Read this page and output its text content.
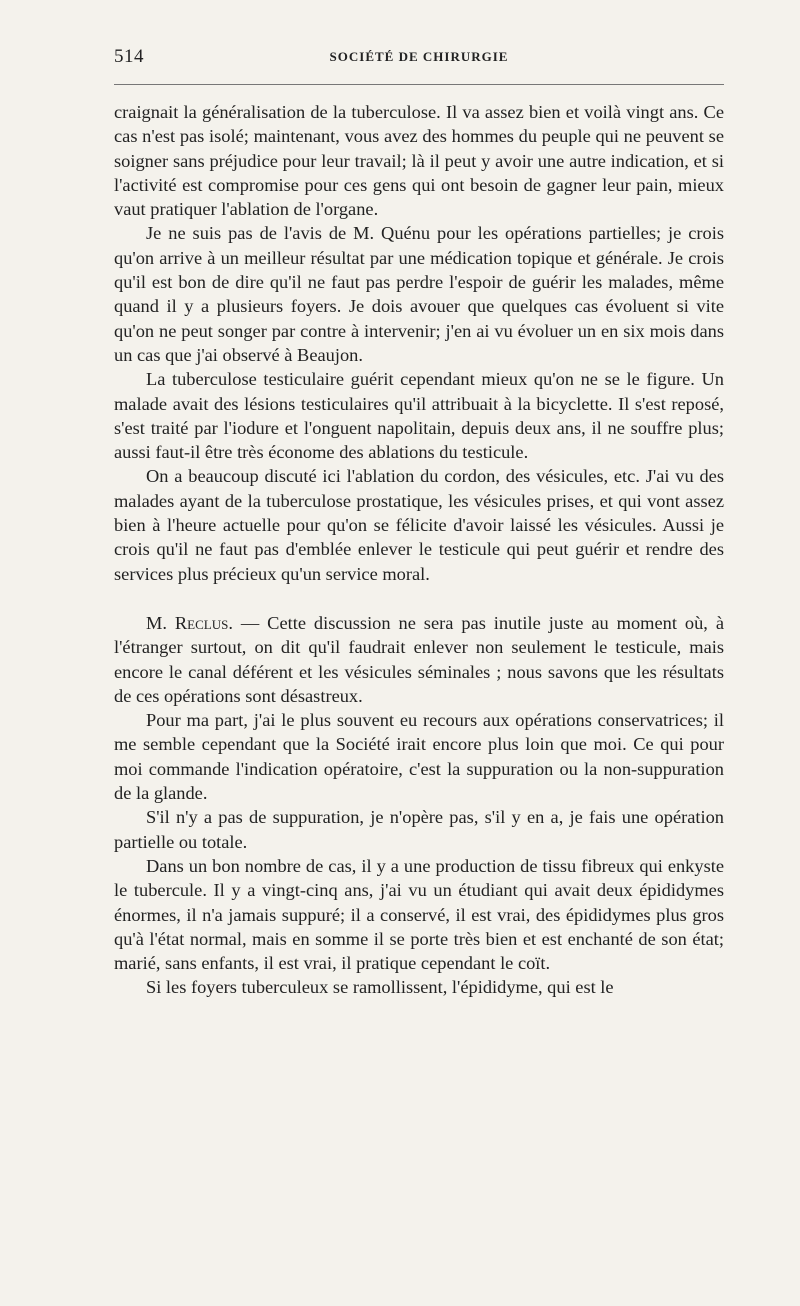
514	SOCIÉTÉ DE CHIRURGIE

craignait la généralisation de la tuberculose. Il va assez bien et voilà vingt ans. Ce cas n'est pas isolé; maintenant, vous avez des hommes du peuple qui ne peuvent se soigner sans préjudice pour leur travail; là il peut y avoir une autre indication, et si l'activité est compromise pour ces gens qui ont besoin de gagner leur pain, mieux vaut pratiquer l'ablation de l'organe.

Je ne suis pas de l'avis de M. Quénu pour les opérations partielles; je crois qu'on arrive à un meilleur résultat par une médication topique et générale. Je crois qu'il est bon de dire qu'il ne faut pas perdre l'espoir de guérir les malades, même quand il y a plusieurs foyers. Je dois avouer que quelques cas évoluent si vite qu'on ne peut songer par contre à intervenir; j'en ai vu évoluer un en six mois dans un cas que j'ai observé à Beaujon.

La tuberculose testiculaire guérit cependant mieux qu'on ne se le figure. Un malade avait des lésions testiculaires qu'il attribuait à la bicyclette. Il s'est reposé, s'est traité par l'iodure et l'onguent napolitain, depuis deux ans, il ne souffre plus; aussi faut-il être très économe des ablations du testicule.

On a beaucoup discuté ici l'ablation du cordon, des vésicules, etc. J'ai vu des malades ayant de la tuberculose prostatique, les vésicules prises, et qui vont assez bien à l'heure actuelle pour qu'on se félicite d'avoir laissé les vésicules. Aussi je crois qu'il ne faut pas d'emblée enlever le testicule qui peut guérir et rendre des services plus précieux qu'un service moral.

M. Reclus. — Cette discussion ne sera pas inutile juste au moment où, à l'étranger surtout, on dit qu'il faudrait enlever non seulement le testicule, mais encore le canal déférent et les vésicules séminales ; nous savons que les résultats de ces opérations sont désastreux.

Pour ma part, j'ai le plus souvent eu recours aux opérations conservatrices; il me semble cependant que la Société irait encore plus loin que moi. Ce qui pour moi commande l'indication opératoire, c'est la suppuration ou la non-suppuration de la glande.

S'il n'y a pas de suppuration, je n'opère pas, s'il y en a, je fais une opération partielle ou totale.

Dans un bon nombre de cas, il y a une production de tissu fibreux qui enkyste le tubercule. Il y a vingt-cinq ans, j'ai vu un étudiant qui avait deux épididymes énormes, il n'a jamais suppuré; il a conservé, il est vrai, des épididymes plus gros qu'à l'état normal, mais en somme il se porte très bien et est enchanté de son état; marié, sans enfants, il est vrai, il pratique cependant le coït.

Si les foyers tuberculeux se ramollissent, l'épididyme, qui est le
